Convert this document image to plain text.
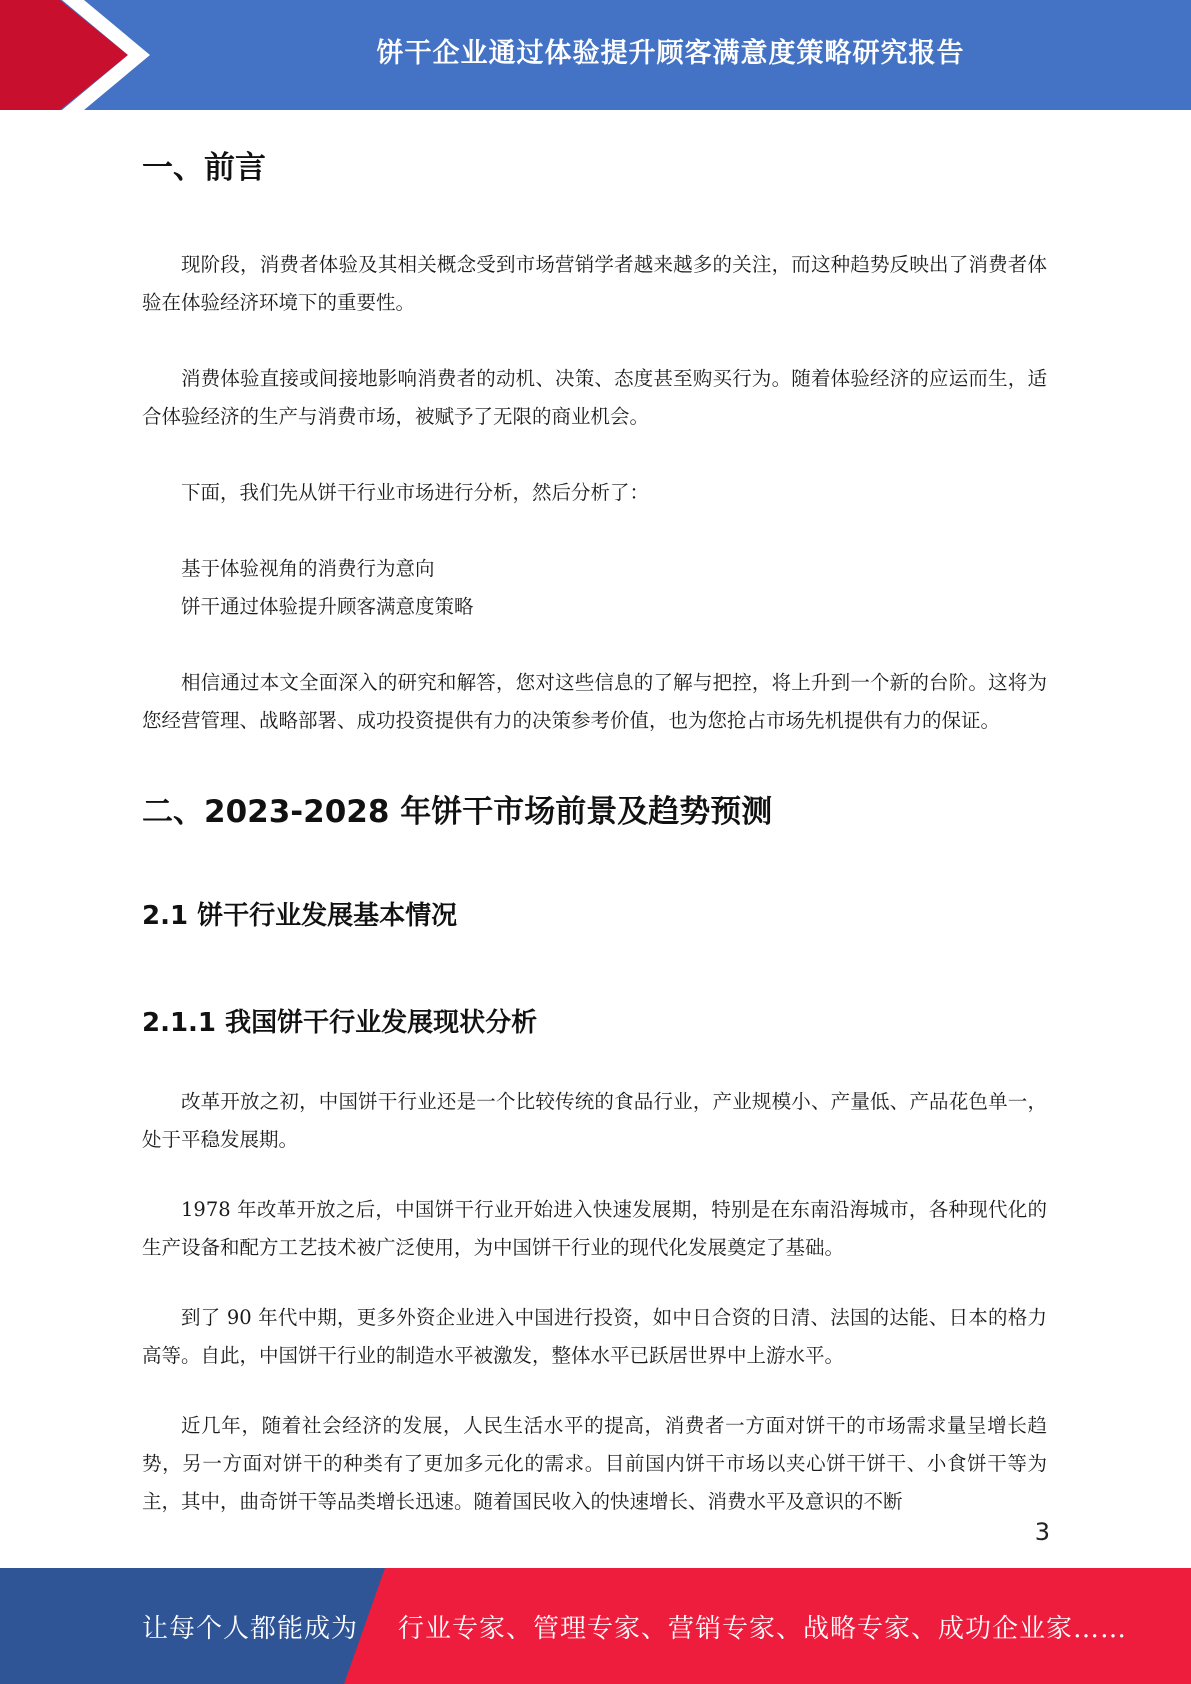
饼干企业通过体验提升顾客满意度策略研究报告
一、前言

现阶段，消费者体验及其相关概念受到市场营销学者越来越多的关注，而这种趋势反映出了消费者体验在体验经济环境下的重要性。

消费体验直接或间接地影响消费者的动机、决策、态度甚至购买行为。随着体验经济的应运而生，适合体验经济的生产与消费市场，被赋予了无限的商业机会。

下面，我们先从饼干行业市场进行分析，然后分析了：

基于体验视角的消费行为意向

饼干通过体验提升顾客满意度策略

相信通过本文全面深入的研究和解答，您对这些信息的了解与把控，将上升到一个新的台阶。这将为您经营管理、战略部署、成功投资提供有力的决策参考价值，也为您抢占市场先机提供有力的保证。

二、2023-2028 年饼干市场前景及趋势预测
2.1 饼干行业发展基本情况
2.1.1 我国饼干行业发展现状分析

改革开放之初，中国饼干行业还是一个比较传统的食品行业，产业规模小、产量低、产品花色单一，处于平稳发展期。

1978 年改革开放之后，中国饼干行业开始进入快速发展期，特别是在东南沿海城市，各种现代化的生产设备和配方工艺技术被广泛使用，为中国饼干行业的现代化发展奠定了基础。

到了 90 年代中期，更多外资企业进入中国进行投资，如中日合资的日清、法国的达能、日本的格力高等。自此，中国饼干行业的制造水平被激发，整体水平已跃居世界中上游水平。

近几年，随着社会经济的发展，人民生活水平的提高，消费者一方面对饼干的市场需求量呈增长趋势，另一方面对饼干的种类有了更加多元化的需求。目前国内饼干市场以夹心饼干饼干、小食饼干等为主，其中，曲奇饼干等品类增长迅速。随着国民收入的快速增长、消费水平及意识的不断

3
让每个人都能成为 行业专家、管理专家、营销专家、战略专家、成功企业家……
